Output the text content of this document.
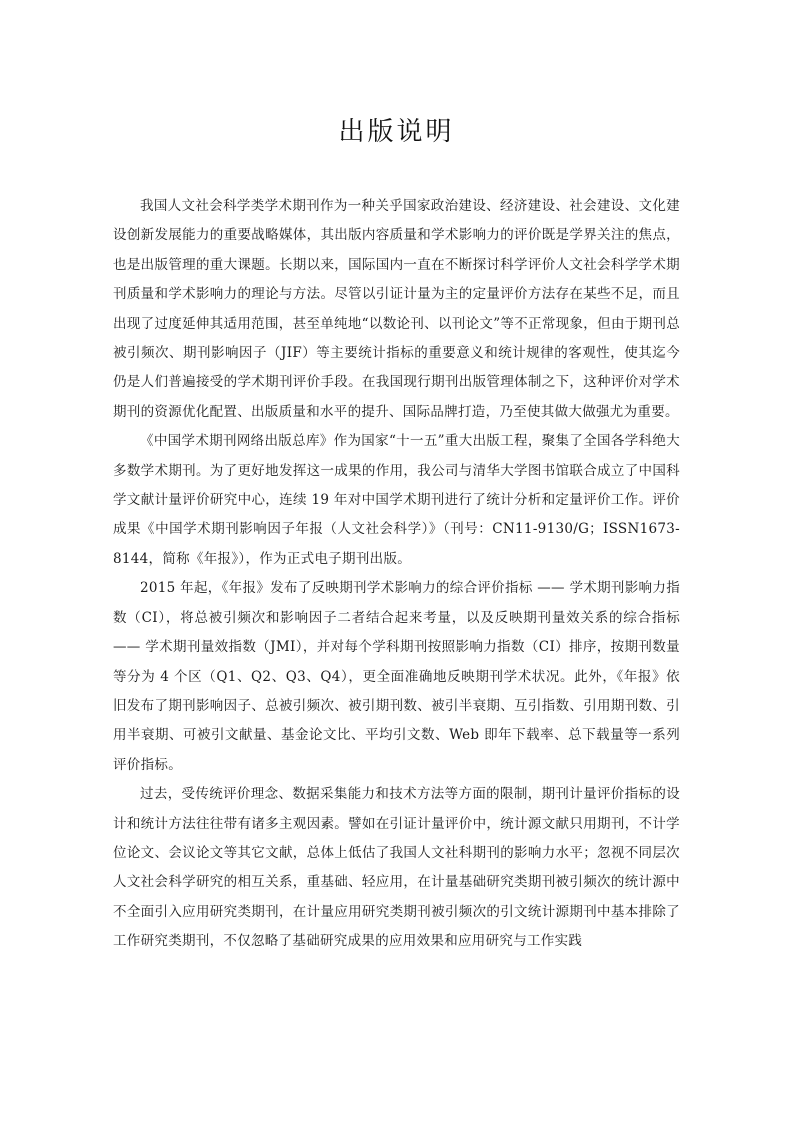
出版说明

我国人文社会科学类学术期刊作为一种关乎国家政治建设、经济建设、社会建设、文化建设创新发展能力的重要战略媒体，其出版内容质量和学术影响力的评价既是学界关注的焦点，也是出版管理的重大课题。长期以来，国际国内一直在不断探讨科学评价人文社会科学学术期刊质量和学术影响力的理论与方法。尽管以引证计量为主的定量评价方法存在某些不足，而且出现了过度延伸其适用范围，甚至单纯地“以数论刊、以刊论文”等不正常现象，但由于期刊总被引频次、期刊影响因子（JIF）等主要统计指标的重要意义和统计规律的客观性，使其迄今仍是人们普遍接受的学术期刊评价手段。在我国现行期刊出版管理体制之下，这种评价对学术期刊的资源优化配置、出版质量和水平的提升、国际品牌打造，乃至使其做大做强尤为重要。

《中国学术期刊网络出版总库》作为国家“十一五”重大出版工程，聚集了全国各学科绝大多数学术期刊。为了更好地发挥这一成果的作用，我公司与清华大学图书馆联合成立了中国科学文献计量评价研究中心，连续 19 年对中国学术期刊进行了统计分析和定量评价工作。评价成果《中国学术期刊影响因子年报（人文社会科学）》（刊号：CN11-9130/G；ISSN1673-8144，简称《年报》），作为正式电子期刊出版。

2015 年起，《年报》发布了反映期刊学术影响力的综合评价指标 —— 学术期刊影响力指数（CI），将总被引频次和影响因子二者结合起来考量，以及反映期刊量效关系的综合指标 —— 学术期刊量效指数（JMI），并对每个学科期刊按照影响力指数（CI）排序，按期刊数量等分为 4 个区（Q1、Q2、Q3、Q4），更全面准确地反映期刊学术状况。此外，《年报》依旧发布了期刊影响因子、总被引频次、被引期刊数、被引半衰期、互引指数、引用期刊数、引用半衰期、可被引文献量、基金论文比、平均引文数、Web 即年下载率、总下载量等一系列评价指标。

过去，受传统评价理念、数据采集能力和技术方法等方面的限制，期刊计量评价指标的设计和统计方法往往带有诸多主观因素。譬如在引证计量评价中，统计源文献只用期刊，不计学位论文、会议论文等其它文献，总体上低估了我国人文社科期刊的影响力水平；忽视不同层次人文社会科学研究的相互关系，重基础、轻应用，在计量基础研究类期刊被引频次的统计源中不全面引入应用研究类期刊，在计量应用研究类期刊被引频次的引文统计源期刊中基本排除了工作研究类期刊，不仅忽略了基础研究成果的应用效果和应用研究与工作实践
